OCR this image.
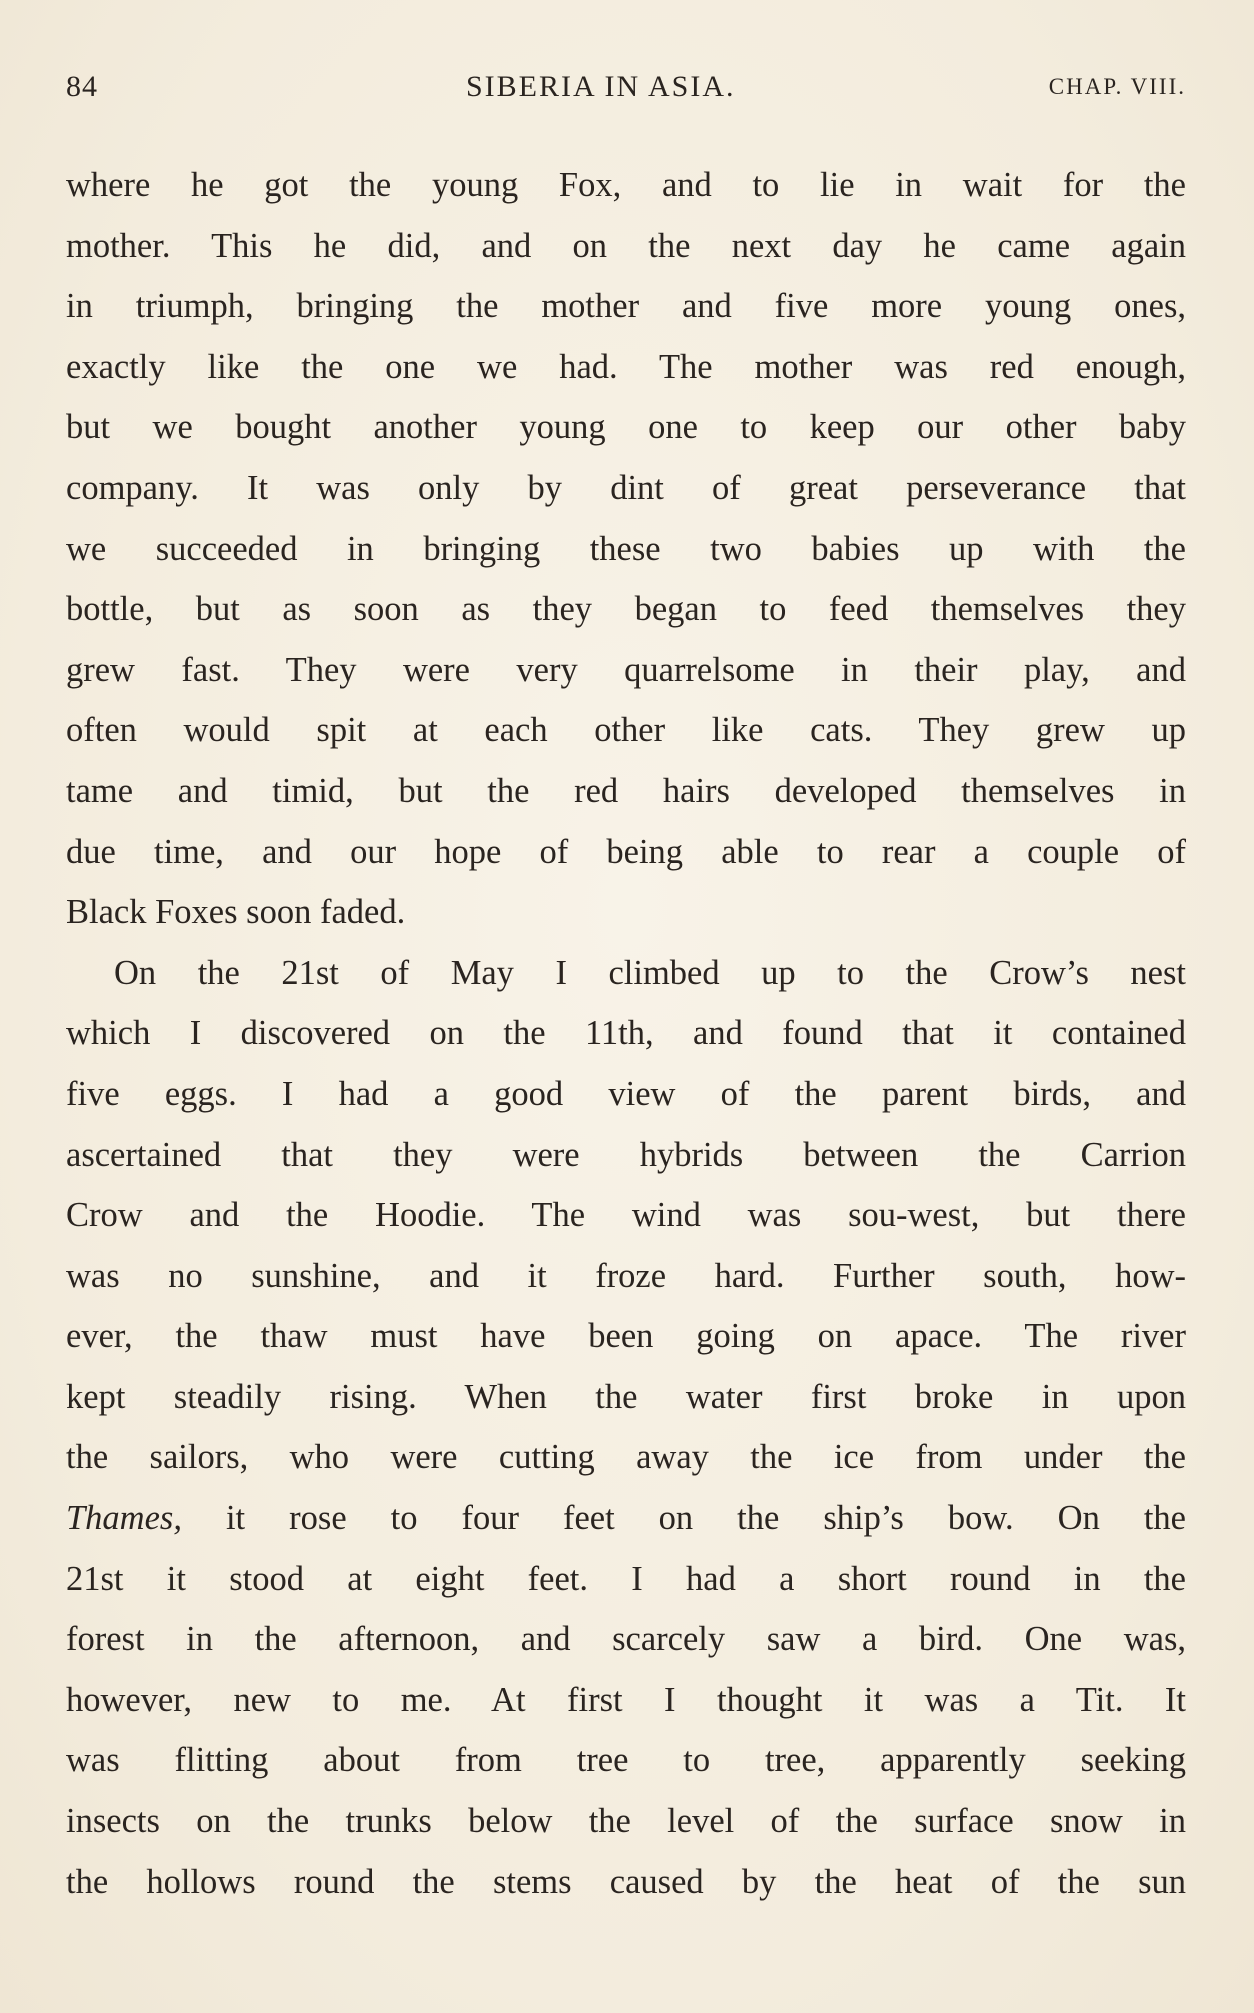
84	SIBERIA IN ASIA.	CHAP. VIII.
where he got the young Fox, and to lie in wait for the
mother. This he did, and on the next day he came again
in triumph, bringing the mother and five more young ones,
exactly like the one we had. The mother was red enough,
but we bought another young one to keep our other baby
company. It was only by dint of great perseverance that
we succeeded in bringing these two babies up with the
bottle, but as soon as they began to feed themselves they
grew fast. They were very quarrelsome in their play, and
often would spit at each other like cats. They grew up
tame and timid, but the red hairs developed themselves in
due time, and our hope of being able to rear a couple of
Black Foxes soon faded.
On the 21st of May I climbed up to the Crow’s nest
which I discovered on the 11th, and found that it contained
five eggs. I had a good view of the parent birds, and
ascertained that they were hybrids between the Carrion
Crow and the Hoodie. The wind was sou-west, but there
was no sunshine, and it froze hard. Further south, how-
ever, the thaw must have been going on apace. The river
kept steadily rising. When the water first broke in upon
the sailors, who were cutting away the ice from under the
Thames, it rose to four feet on the ship’s bow. On the
21st it stood at eight feet. I had a short round in the
forest in the afternoon, and scarcely saw a bird. One was,
however, new to me. At first I thought it was a Tit. It
was flitting about from tree to tree, apparently seeking
insects on the trunks below the level of the surface snow in
the hollows round the stems caused by the heat of the sun
